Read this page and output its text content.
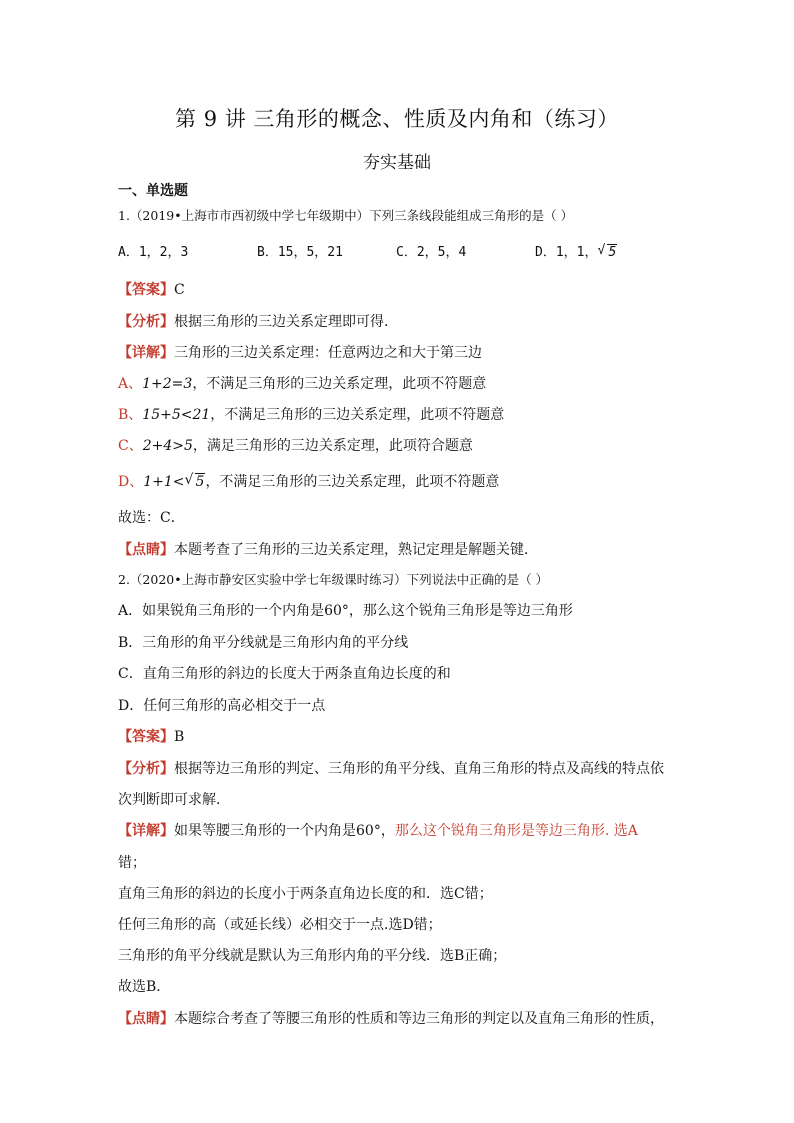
第 9 讲 三角形的概念、性质及内角和（练习）
夯实基础
一、单选题
1.（2019•上海市市西初级中学七年级期中）下列三条线段能组成三角形的是（ ）
A．1，2，3	B．15，5，21	C．2，5，4	D．1，1， √ 5
【答案】C
【分析】根据三角形的三边关系定理即可得.
【详解】三角形的三边关系定理：任意两边之和大于第三边
A、1+2=3，不满足三角形的三边关系定理，此项不符题意
B、15+5<21，不满足三角形的三边关系定理，此项不符题意
C、2+4>5，满足三角形的三边关系定理，此项符合题意
D、1+1< √ 5，不满足三角形的三边关系定理，此项不符题意
故选：C．
【点睛】本题考查了三角形的三边关系定理，熟记定理是解题关键．
2.（2020•上海市静安区实验中学七年级课时练习）下列说法中正确的是（ ）
A．如果锐角三角形的一个内角是60°，那么这个锐角三角形是等边三角形
B．三角形的角平分线就是三角形内角的平分线
C．直角三角形的斜边的长度大于两条直角边长度的和
D．任何三角形的高必相交于一点
【答案】B
【分析】根据等边三角形的判定、三角形的角平分线、直角三角形的特点及高线的特点依
次判断即可求解．
【详解】如果等腰三角形的一个内角是60°，那么这个锐角三角形是等边三角形. 选A
错；
直角三角形的斜边的长度小于两条直角边长度的和．选C错；
任何三角形的高（或延长线）必相交于一点.选D错；
三角形的角平分线就是默认为三角形内角的平分线．选B正确；
故选B．
【点睛】本题综合考查了等腰三角形的性质和等边三角形的判定以及直角三角形的性质，
